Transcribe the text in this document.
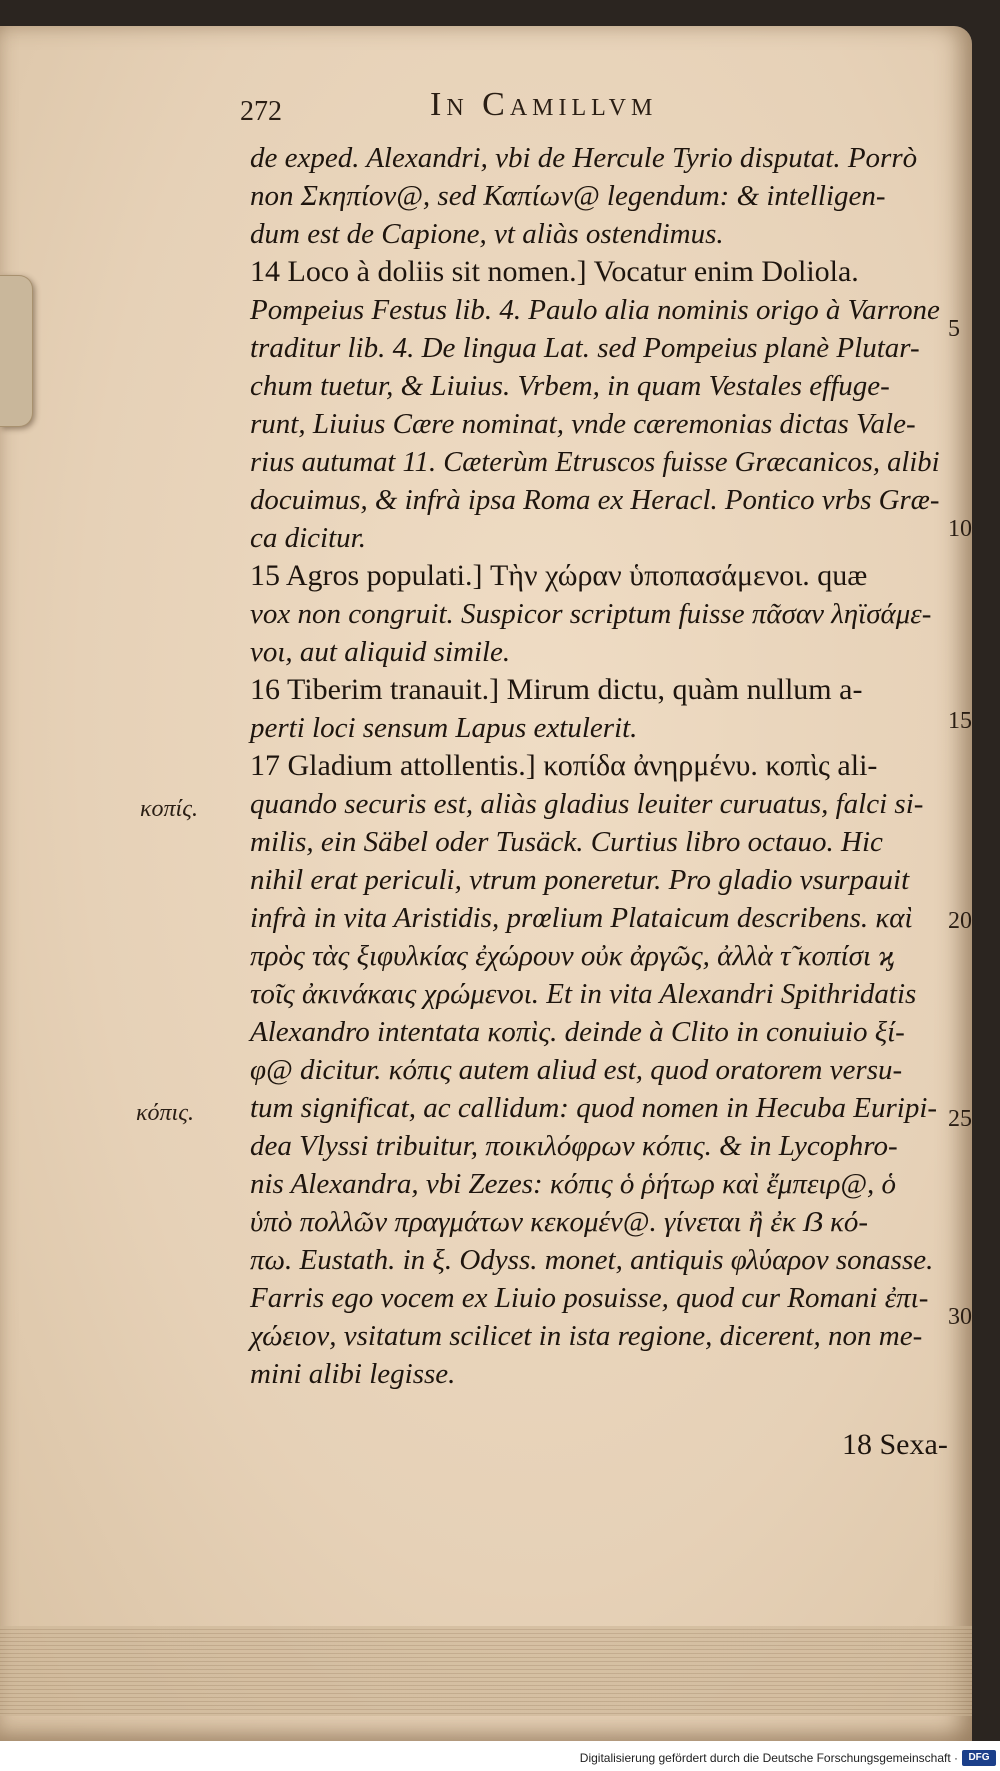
272	In Camillvm
de exped. Alexandri, vbi de Hercule Tyrio disputat. Porrò
non Σκηπίον@, sed Καπίων@ legendum: & intelligen-
dum est de Capione, vt aliàs ostendimus.
14 Loco à doliis sit nomen.] Vocatur enim Doliola.
Pompeius Festus lib. 4. Paulo alia nominis origo à Varrone
traditur lib. 4. De lingua Lat. sed Pompeius planè Plutar-
chum tuetur, & Liuius. Vrbem, in quam Vestales effuge-
runt, Liuius Cære nominat, vnde cæremonias dictas Vale-
rius autumat 11. Cæterùm Etruscos fuisse Græcanicos, alibi
docuimus, & infrà ipsa Roma ex Heracl. Pontico vrbs Græ-
ca dicitur.
15 Agros populati.] Τὴν χώραν ὑποπασάμενοι. quæ
vox non congruit. Suspicor scriptum fuisse πᾶσαν ληϊσάμε-
νοι, aut aliquid simile.
16 Tiberim tranauit.] Mirum dictu, quàm nullum a-
perti loci sensum Lapus extulerit.
17 Gladium attollentis.] κοπίδα ἀνηρμένυ. κοπὶς ali-
quando securis est, aliàs gladius leuiter curuatus, falci si-
milis, ein Säbel oder Tusäck. Curtius libro octauo. Hic
nihil erat periculi, vtrum poneretur. Pro gladio vsurpauit
infrà in vita Aristidis, prœlium Plataicum describens. καὶ
πρὸς τὰς ξιφυλκίας ἐχώρουν οὐκ ἀργῶς, ἀλλὰ τ̃ κοπίσι ϗ
τοῖς ἀκινάκαις χρώμενοι. Et in vita Alexandri Spithridatis
Alexandro intentata κοπὶς. deinde à Clito in conuiuio ξί-
φ@ dicitur. κόπις autem aliud est, quod oratorem versu-
tum significat, ac callidum: quod nomen in Hecuba Euripi-
dea Vlyssi tribuitur, ποικιλόφρων κόπις. & in Lycophro-
nis Alexandra, vbi Zezes: κόπις ὁ ῥήτωρ καὶ ἔμπειρ@, ὁ
ὑπὸ πολλῶν πραγμάτων κεκομέν@. γίνεται ἢ ἐκ ẞ κό-
πω. Eustath. in ξ. Odyss. monet, antiquis φλύαρον sonasse.
Farris ego vocem ex Liuio posuisse, quod cur Romani ἐπι-
χώειον, vsitatum scilicet in ista regione, dicerent, non me-
mini alibi legisse.
5
10
15
20
25
30
κοπίς.
κόπις.
18 Sexa-
Digitalisierung gefördert durch die Deutsche Forschungsgemeinschaft ·	DFG
